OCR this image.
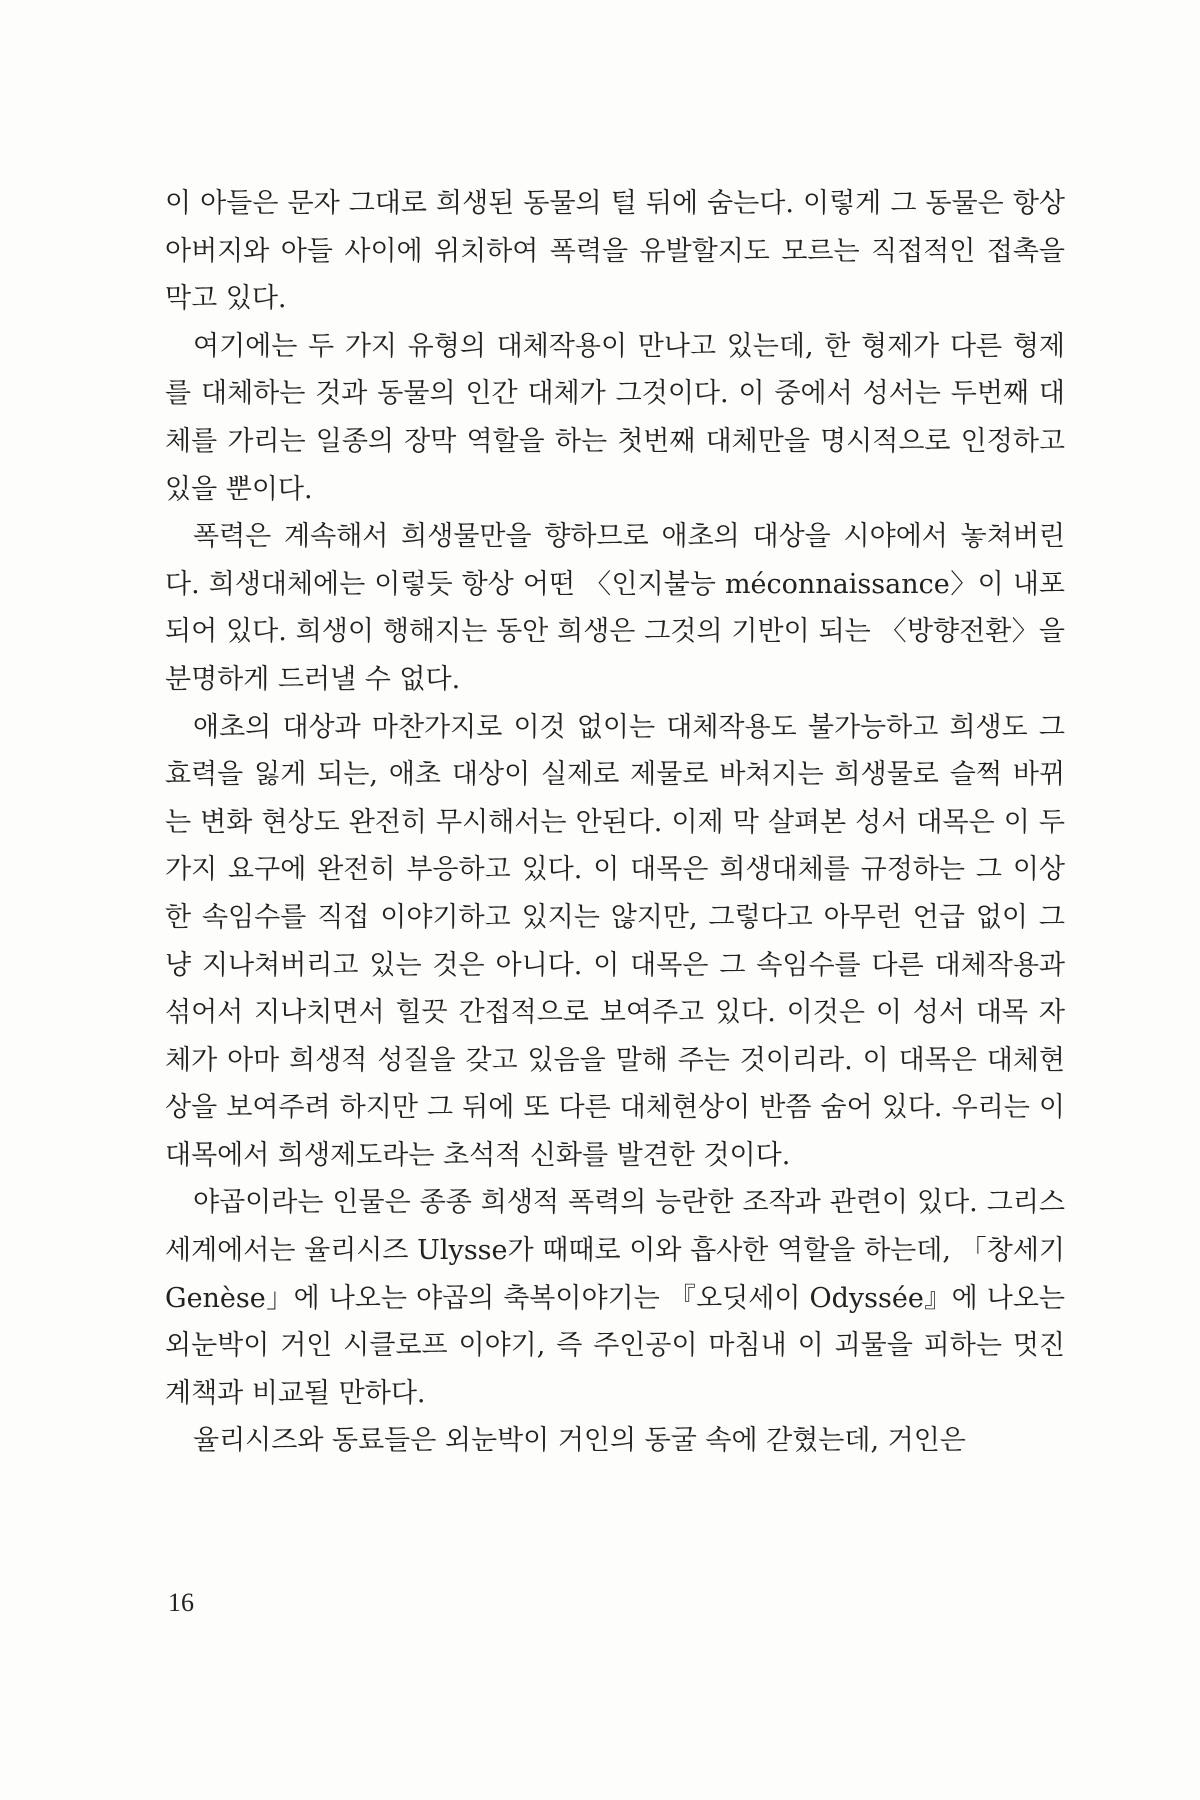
이 아들은 문자 그대로 희생된 동물의 털 뒤에 숨는다. 이렇게 그 동물은 항상 아버지와 아들 사이에 위치하여 폭력을 유발할지도 모르는 직접적인 접촉을 막고 있다.

여기에는 두 가지 유형의 대체작용이 만나고 있는데, 한 형제가 다른 형제를 대체하는 것과 동물의 인간 대체가 그것이다. 이 중에서 성서는 두번째 대체를 가리는 일종의 장막 역할을 하는 첫번째 대체만을 명시적으로 인정하고 있을 뿐이다.

폭력은 계속해서 희생물만을 향하므로 애초의 대상을 시야에서 놓쳐버린다. 희생대체에는 이렇듯 항상 어떤 〈인지불능 méconnaissance〉이 내포되어 있다. 희생이 행해지는 동안 희생은 그것의 기반이 되는 〈방향전환〉을 분명하게 드러낼 수 없다.

애초의 대상과 마찬가지로 이것 없이는 대체작용도 불가능하고 희생도 그 효력을 잃게 되는, 애초 대상이 실제로 제물로 바쳐지는 희생물로 슬쩍 바뀌는 변화 현상도 완전히 무시해서는 안된다. 이제 막 살펴본 성서 대목은 이 두 가지 요구에 완전히 부응하고 있다. 이 대목은 희생대체를 규정하는 그 이상한 속임수를 직접 이야기하고 있지는 않지만, 그렇다고 아무런 언급 없이 그냥 지나쳐버리고 있는 것은 아니다. 이 대목은 그 속임수를 다른 대체작용과 섞어서 지나치면서 힐끗 간접적으로 보여주고 있다. 이것은 이 성서 대목 자체가 아마 희생적 성질을 갖고 있음을 말해 주는 것이리라. 이 대목은 대체현상을 보여주려 하지만 그 뒤에 또 다른 대체현상이 반쯤 숨어 있다. 우리는 이 대목에서 희생제도라는 초석적 신화를 발견한 것이다.

야곱이라는 인물은 종종 희생적 폭력의 능란한 조작과 관련이 있다. 그리스 세계에서는 율리시즈 Ulysse가 때때로 이와 흡사한 역할을 하는데, 「창세기 Genèse」에 나오는 야곱의 축복이야기는 『오딧세이 Odyssée』에 나오는 외눈박이 거인 시클로프 이야기, 즉 주인공이 마침내 이 괴물을 피하는 멋진 계책과 비교될 만하다.

율리시즈와 동료들은 외눈박이 거인의 동굴 속에 갇혔는데, 거인은

16
